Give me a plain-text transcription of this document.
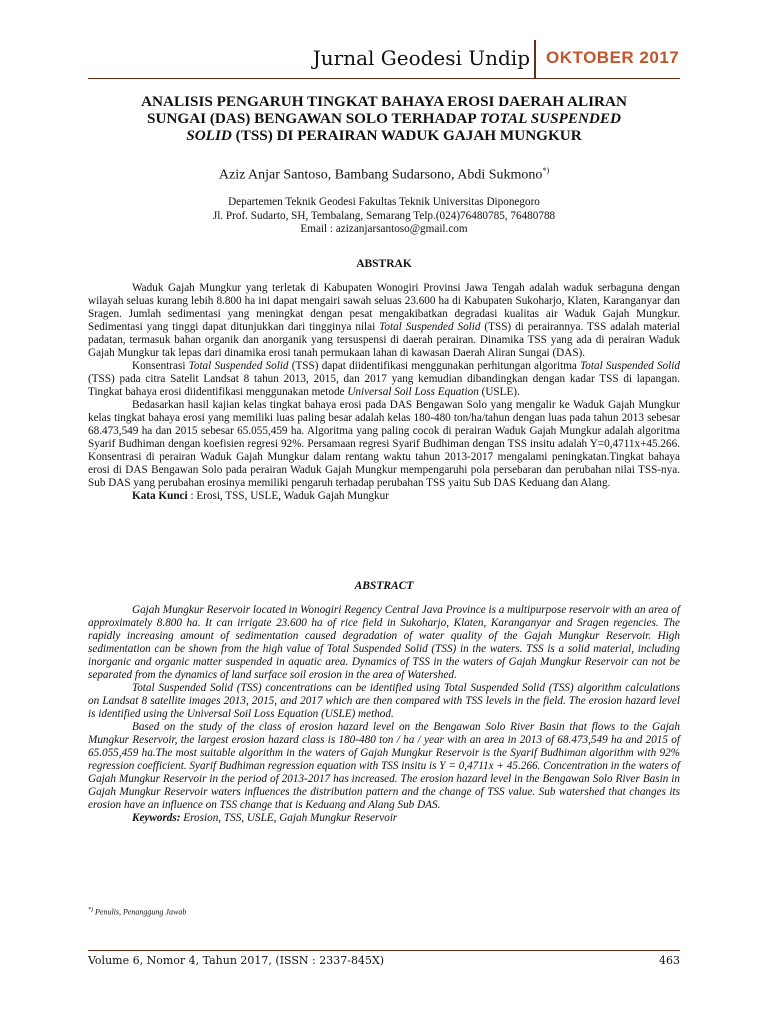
Jurnal Geodesi Undip OKTOBER 2017
ANALISIS PENGARUH TINGKAT BAHAYA EROSI DAERAH ALIRAN
SUNGAI (DAS) BENGAWAN SOLO TERHADAP TOTAL SUSPENDED
SOLID (TSS) DI PERAIRAN WADUK GAJAH MUNGKUR
Aziz Anjar Santoso, Bambang Sudarsono, Abdi Sukmono*)
Departemen Teknik Geodesi Fakultas Teknik Universitas Diponegoro
Jl. Prof. Sudarto, SH, Tembalang, Semarang Telp.(024)76480785, 76480788
Email : azizanjarsantoso@gmail.com
ABSTRAK

Waduk Gajah Mungkur yang terletak di Kabupaten Wonogiri Provinsi Jawa Tengah adalah waduk serbaguna dengan wilayah seluas kurang lebih 8.800 ha ini dapat mengairi sawah seluas 23.600 ha di Kabupaten Sukoharjo, Klaten, Karanganyar dan Sragen. Jumlah sedimentasi yang meningkat dengan pesat mengakibatkan degradasi kualitas air Waduk Gajah Mungkur. Sedimentasi yang tinggi dapat ditunjukkan dari tingginya nilai Total Suspended Solid (TSS) di perairannya. TSS adalah material padatan, termasuk bahan organik dan anorganik yang tersuspensi di daerah perairan. Dinamika TSS yang ada di perairan Waduk Gajah Mungkur tak lepas dari dinamika erosi tanah permukaan lahan di kawasan Daerah Aliran Sungai (DAS).

Konsentrasi Total Suspended Solid (TSS) dapat diidentifikasi menggunakan perhitungan algoritma Total Suspended Solid (TSS) pada citra Satelit Landsat 8 tahun 2013, 2015, dan 2017 yang kemudian dibandingkan dengan kadar TSS di lapangan. Tingkat bahaya erosi diidentifikasi menggunakan metode Universal Soil Loss Equation (USLE).

Bedasarkan hasil kajian kelas tingkat bahaya erosi pada DAS Bengawan Solo yang mengalir ke Waduk Gajah Mungkur kelas tingkat bahaya erosi yang memiliki luas paling besar adalah kelas 180-480 ton/ha/tahun dengan luas pada tahun 2013 sebesar 68.473,549 ha dan 2015 sebesar 65.055,459 ha. Algoritma yang paling cocok di perairan Waduk Gajah Mungkur adalah algoritma Syarif Budhiman dengan koefisien regresi 92%. Persamaan regresi Syarif Budhiman dengan TSS insitu adalah Y=0,4711x+45.266. Konsentrasi di perairan Waduk Gajah Mungkur dalam rentang waktu tahun 2013-2017 mengalami peningkatan.Tingkat bahaya erosi di DAS Bengawan Solo pada perairan Waduk Gajah Mungkur mempengaruhi pola persebaran dan perubahan nilai TSS-nya. Sub DAS yang perubahan erosinya memiliki pengaruh terhadap perubahan TSS yaitu Sub DAS Keduang dan Alang.

Kata Kunci : Erosi, TSS, USLE, Waduk Gajah Mungkur

ABSTRACT

Gajah Mungkur Reservoir located in Wonogiri Regency Central Java Province is a multipurpose reservoir with an area of approximately 8.800 ha. It can irrigate 23.600 ha of rice field in Sukoharjo, Klaten, Karanganyar and Sragen regencies. The rapidly increasing amount of sedimentation caused degradation of water quality of the Gajah Mungkur Reservoir. High sedimentation can be shown from the high value of Total Suspended Solid (TSS) in the waters. TSS is a solid material, including inorganic and organic matter suspended in aquatic area. Dynamics of TSS in the waters of Gajah Mungkur Reservoir can not be separated from the dynamics of land surface soil erosion in the area of Watershed.

Total Suspended Solid (TSS) concentrations can be identified using Total Suspended Solid (TSS) algorithm calculations on Landsat 8 satellite images 2013, 2015, and 2017 which are then compared with TSS levels in the field. The erosion hazard level is identified using the Universal Soil Loss Equation (USLE) method.

Based on the study of the class of erosion hazard level on the Bengawan Solo River Basin that flows to the Gajah Mungkur Reservoir, the largest erosion hazard class is 180-480 ton / ha / year with an area in 2013 of 68.473,549 ha and 2015 of 65.055,459 ha.The most suitable algorithm in the waters of Gajah Mungkur Reservoir is the Syarif Budhiman algorithm with 92% regression coefficient. Syarif Budhiman regression equation with TSS insitu is Y = 0,4711x + 45.266. Concentration in the waters of Gajah Mungkur Reservoir in the period of 2013-2017 has increased. The erosion hazard level in the Bengawan Solo River Basin in Gajah Mungkur Reservoir waters influences the distribution pattern and the change of TSS value. Sub watershed that changes its erosion have an influence on TSS change that is Keduang and Alang Sub DAS.

Keywords: Erosion, TSS, USLE, Gajah Mungkur Reservoir

*) Penulis, Penanggung Jawab
Volume 6, Nomor 4, Tahun 2017, (ISSN : 2337-845X)	463
